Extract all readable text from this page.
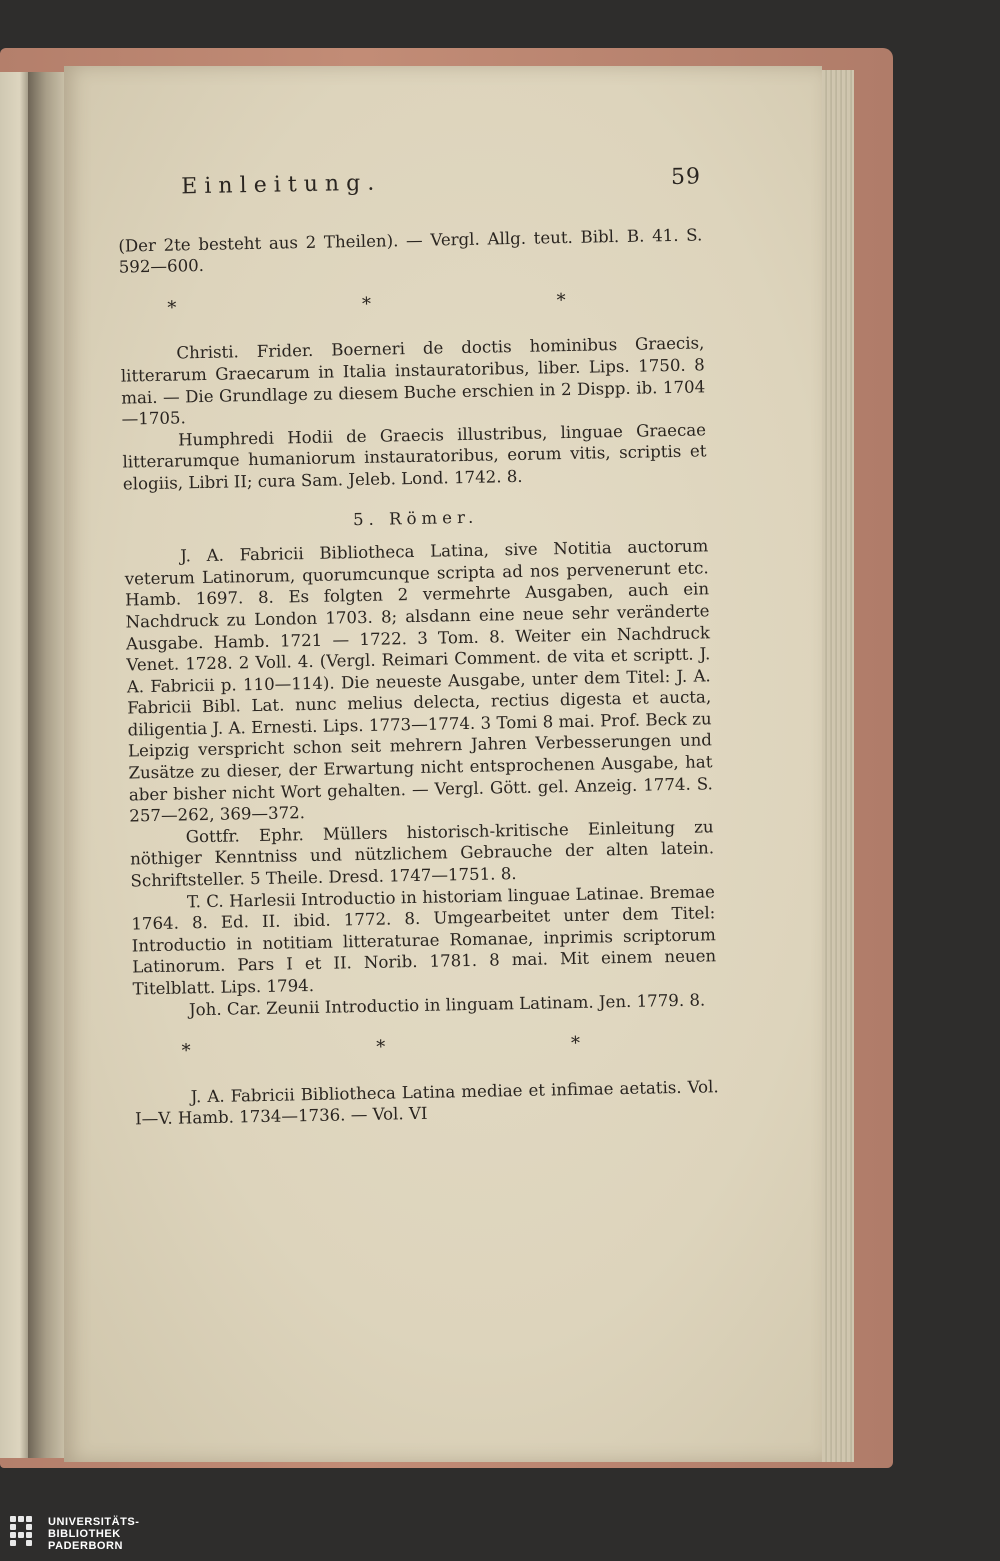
Einleitung.	59

(Der 2te besteht aus 2 Theilen). — Vergl. Allg. teut. Bibl. B. 41. S. 592—600.

* * *

Christi. Frider. Boerneri de doctis hominibus Graecis, litterarum Graecarum in Italia instauratoribus, liber. Lips. 1750. 8 mai. — Die Grundlage zu diesem Buche erschien in 2 Dispp. ib. 1704—1705.

Humphredi Hodii de Graecis illustribus, linguae Graecae litterarumque humaniorum instauratoribus, eorum vitis, scriptis et elogiis, Libri II; cura Sam. Jeleb. Lond. 1742. 8.

5. Römer.

J. A. Fabricii Bibliotheca Latina, sive Notitia auctorum veterum Latinorum, quorumcunque scripta ad nos pervenerunt etc. Hamb. 1697. 8. Es folgten 2 vermehrte Ausgaben, auch ein Nachdruck zu London 1703. 8; alsdann eine neue sehr veränderte Ausgabe. Hamb. 1721 — 1722. 3 Tom. 8. Weiter ein Nachdruck Venet. 1728. 2 Voll. 4. (Vergl. Reimari Comment. de vita et scriptt. J. A. Fabricii p. 110—114). Die neueste Ausgabe, unter dem Titel: J. A. Fabricii Bibl. Lat. nunc melius delecta, rectius digesta et aucta, diligentia J. A. Ernesti. Lips. 1773—1774. 3 Tomi 8 mai. Prof. Beck zu Leipzig verspricht schon seit mehrern Jahren Verbesserungen und Zusätze zu dieser, der Erwartung nicht entsprochenen Ausgabe, hat aber bisher nicht Wort gehalten. — Vergl. Gött. gel. Anzeig. 1774. S. 257—262, 369—372.

Gottfr. Ephr. Müllers historisch-kritische Einleitung zu nöthiger Kenntniss und nützlichem Gebrauche der alten latein. Schriftsteller. 5 Theile. Dresd. 1747—1751. 8.

T. C. Harlesii Introductio in historiam linguae Latinae. Bremae 1764. 8. Ed. II. ibid. 1772. 8. Umgearbeitet unter dem Titel: Introductio in notitiam litteraturae Romanae, inprimis scriptorum Latinorum. Pars I et II. Norib. 1781. 8 mai. Mit einem neuen Titelblatt. Lips. 1794.

Joh. Car. Zeunii Introductio in linguam Latinam. Jen. 1779. 8.

* * *

J. A. Fabricii Bibliotheca Latina mediae et infimae aetatis. Vol. I—V. Hamb. 1734—1736. — Vol. VI

UNIVERSITÄTS-
BIBLIOTHEK
PADERBORN
